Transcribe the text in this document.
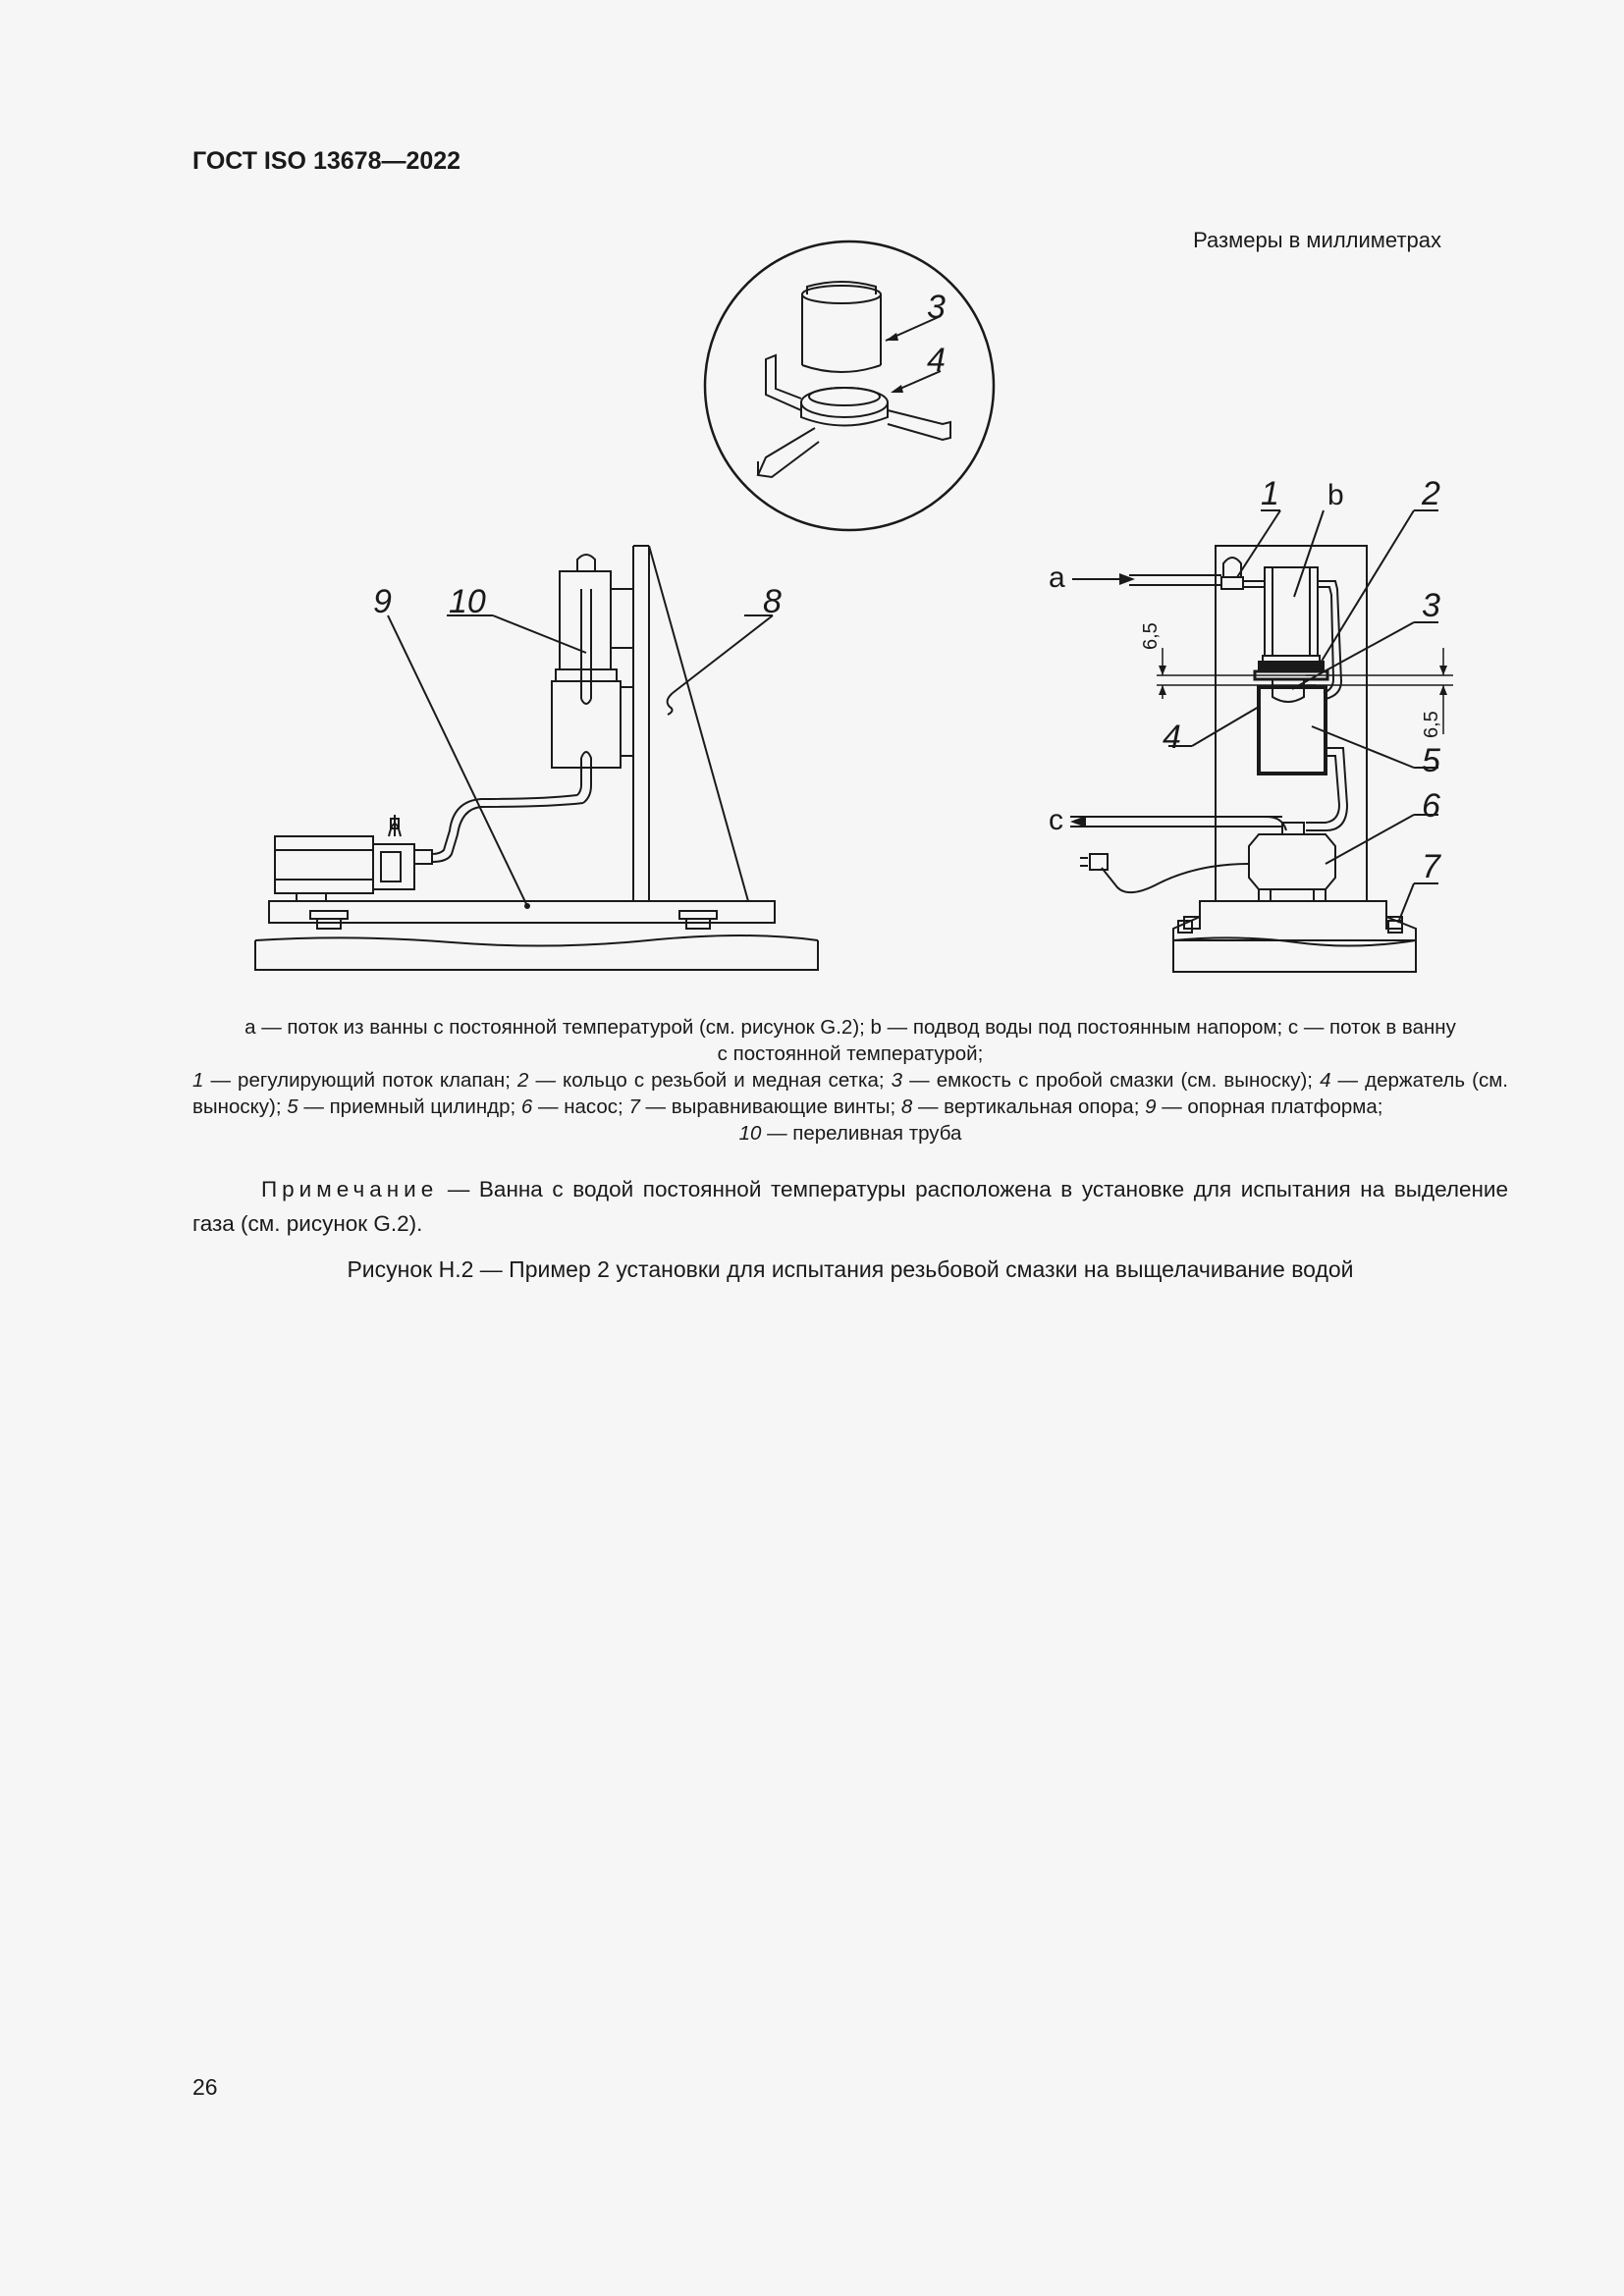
ГОСТ ISO 13678—2022
Размеры в миллиметрах
3
4
9 10	8
a
c
6,5
6,5
1 b 2
3
4
5
6
7

a — поток из ванны с постоянной температурой (см. рисунок G.2); b — подвод воды под постоянным напором; c — поток в ванну

с постоянной температурой;

1 — регулирующий поток клапан; 2 — кольцо с резьбой и медная сетка; 3 — емкость с пробой смазки (см. выноску); 4 — держатель (см. выноску); 5 — приемный цилиндр; 6 — насос; 7 — выравнивающие винты; 8 — вертикальная опора; 9 — опорная платформа;

10 — переливная труба

Примечание — Ванна с водой постоянной температуры расположена в установке для испытания на выделение газа (см. рисунок G.2).
Рисунок H.2 — Пример 2 установки для испытания резьбовой смазки на выщелачивание водой
26
